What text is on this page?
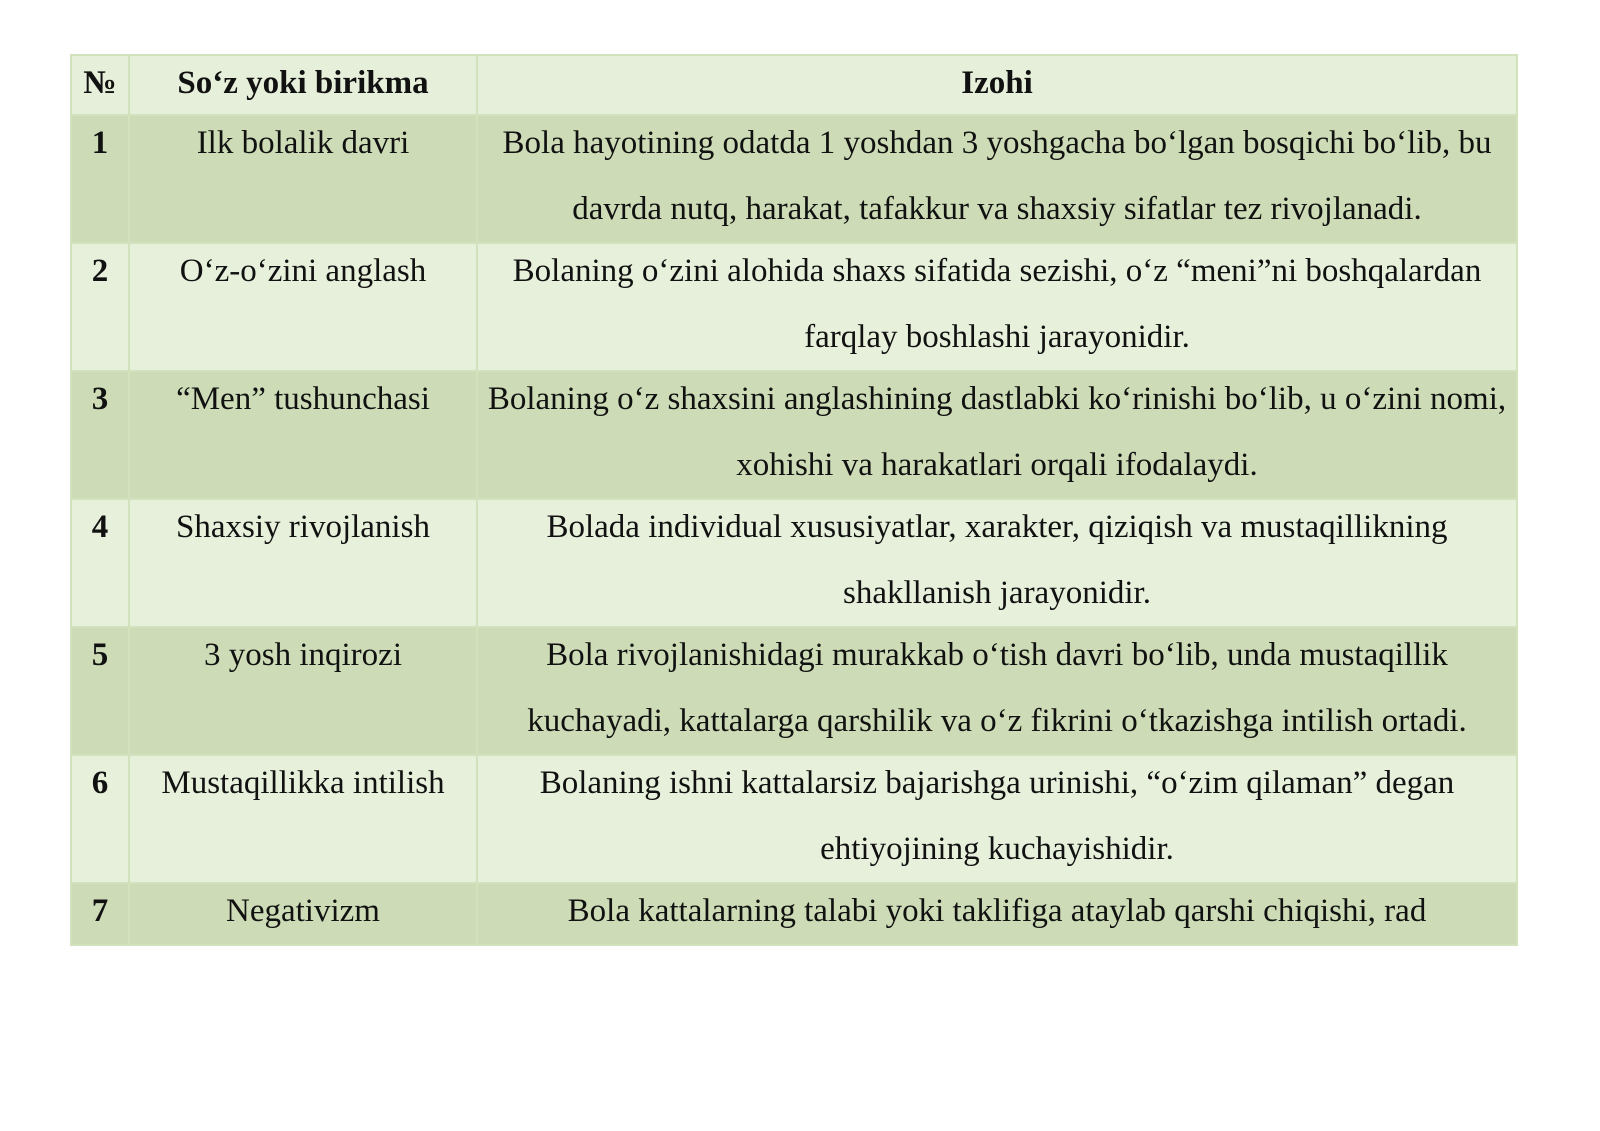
№	So‘z yoki birikma	Izohi

1	Ilk bolalik davri	Bola hayotining odatda 1 yoshdan 3 yoshgacha bo‘lgan bosqichi bo‘lib, bu davrda nutq, harakat, tafakkur va shaxsiy sifatlar tez rivojlanadi.

2	O‘z-o‘zini anglash	Bolaning o‘zini alohida shaxs sifatida sezishi, o‘z “meni”ni boshqalardan farqlay boshlashi jarayonidir.

3	“Men” tushunchasi	Bolaning o‘z shaxsini anglashining dastlabki ko‘rinishi bo‘lib, u o‘zini nomi, xohishi va harakatlari orqali ifodalaydi.

4	Shaxsiy rivojlanish	Bolada individual xususiyatlar, xarakter, qiziqish va mustaqillikning shakllanish jarayonidir.

5	3 yosh inqirozi	Bola rivojlanishidagi murakkab o‘tish davri bo‘lib, unda mustaqillik kuchayadi, kattalarga qarshilik va o‘z fikrini o‘tkazishga intilish ortadi.

6	Mustaqillikka intilish	Bolaning ishni kattalarsiz bajarishga urinishi, “o‘zim qilaman” degan ehtiyojining kuchayishidir.

7	Negativizm	Bola kattalarning talabi yoki taklifiga ataylab qarshi chiqishi, rad
